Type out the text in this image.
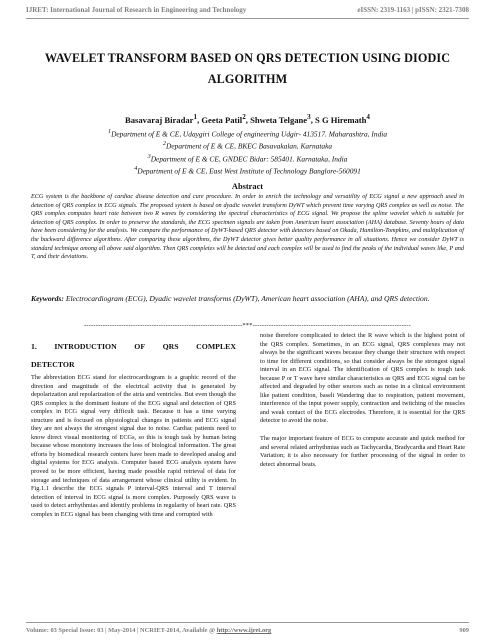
IJRET: International Journal of Research in Engineering and Technology	eISSN: 2319-1163 | pISSN: 2321-7308
WAVELET TRANSFORM BASED ON QRS DETECTION USING DIODIC
ALGORITHM
Basavaraj Biradar$^1$, Geeta Patil$^2$, Shweta Telgane$^3$, S G Hiremath$^4$
$^1$Department of E & CE, Udaygiri College of engineering Udgir- 413517. Maharashtra, India
$^2$Department of E & CE, BKEC Basavakalan, Karnataka
$^3$Department of E & CE, GNDEC Bidar: 585401. Karnataka, India
$^4$Department of E & CE, East West Institute of Technology Banglore-560091
Abstract
ECG system is the backbone of cardiac disease detection and cure procedure. In order to enrich the technology and versatility of ECG signal a new approach used in detection of QRS complex in ECG signals. The proposed system is based on dyadic wavelet transform DyWT which prevent time varying QRS complex as well as noise. The QRS complex computes heart rate between two R waves by considering the spectral characteristics of ECG signal. We propose the spline wavelet which is suitable for detection of QRS complex. In order to preserve the standards, the ECG specimen signals are taken from American heart association (AHA) database. Seventy hours of data have been considering for the analysis. We compare the performance of DyWT-based QRS detector with detectors based on Okada, Hamilton-Tompkins, and multiplication of the backward difference algorithms. After comparing these algorithms, the DyWT detector gives better quality performance in all situations. Hence we consider DyWT is standard technique among all above said algorithm. Then QRS completes will be detected and each complex will be used to find the peaks of the individual waves like, P and T, and their deviations.
Keywords: Electrocardiogram (ECG), Dyadic wavelet transforms (DyWT), American heart association (AHA), and QRS detection.
--------------------------------------------------------------------***--------------------------------------------------------------------
1. INTRODUCTION OF QRS COMPLEX
DETECTOR

The abbreviation ECG stand for electrocardiogram is a graphic record of the direction and magnitude of the electrical activity that is generated by depolarization and repolarization of the atria and ventricles. But even though the QRS complex is the dominant feature of the ECG signal and detection of QRS complex in ECG signal very difficult task. Because it has a time varying structure and is focused on physiological changes in patients and ECG signal they are not always the strongest signal due to noise. Cardiac patients need to know direct visual monitoring of ECGs, so this is tough task by human being because whose monotony increases the loss of biological information. The great efforts by biomedical research centers have been made to developed analog and digital systems for ECG analysis. Computer based ECG analysis system have proved to be more efficient, having made possible rapid retrieval of data for storage and techniques of data arrangement whose clinical utility is evident. In Fig.1.1 describe the ECG signals P interval-QRS interval and T interval detection of interval in ECG signal is more complex. Purposely QRS wave is used to detect arrhythmias and identify problems in regularity of heart rate. QRS complex in ECG signal has been changing with time and corrupted with

noise therefore complicated to detect the R wave which is the highest point of the QRS complex. Sometimes, in an ECG signal, QRS complexes may not always be the significant waves because they change their structure with respect to time for different conditions, so that consider always be the strongest signal interval in an ECG signal. The identification of QRS complex is tough task because P or T wave have similar characteristics as QRS and ECG signal can be affected and degraded by other sources such as noise in a clinical environment like patient condition, baseli Wandering due to respiration, patient movement, interference of the input power supply, contraction and twitching of the muscles and weak contact of the ECG electrodes. Therefore, it is essential for the QRS detector to avoid the noise.

The major important feature of ECG to compute accurate and quick method for and several related arrhythmias such as Tachycardia, Bradycardia and Heart Rate Variation; it is also necessary for further processing of the signal in order to detect abnormal beats.

Volume: 03 Special Issue: 03 | May-2014 | NCRIET-2014, Available @ http://www.ijret.org	909
